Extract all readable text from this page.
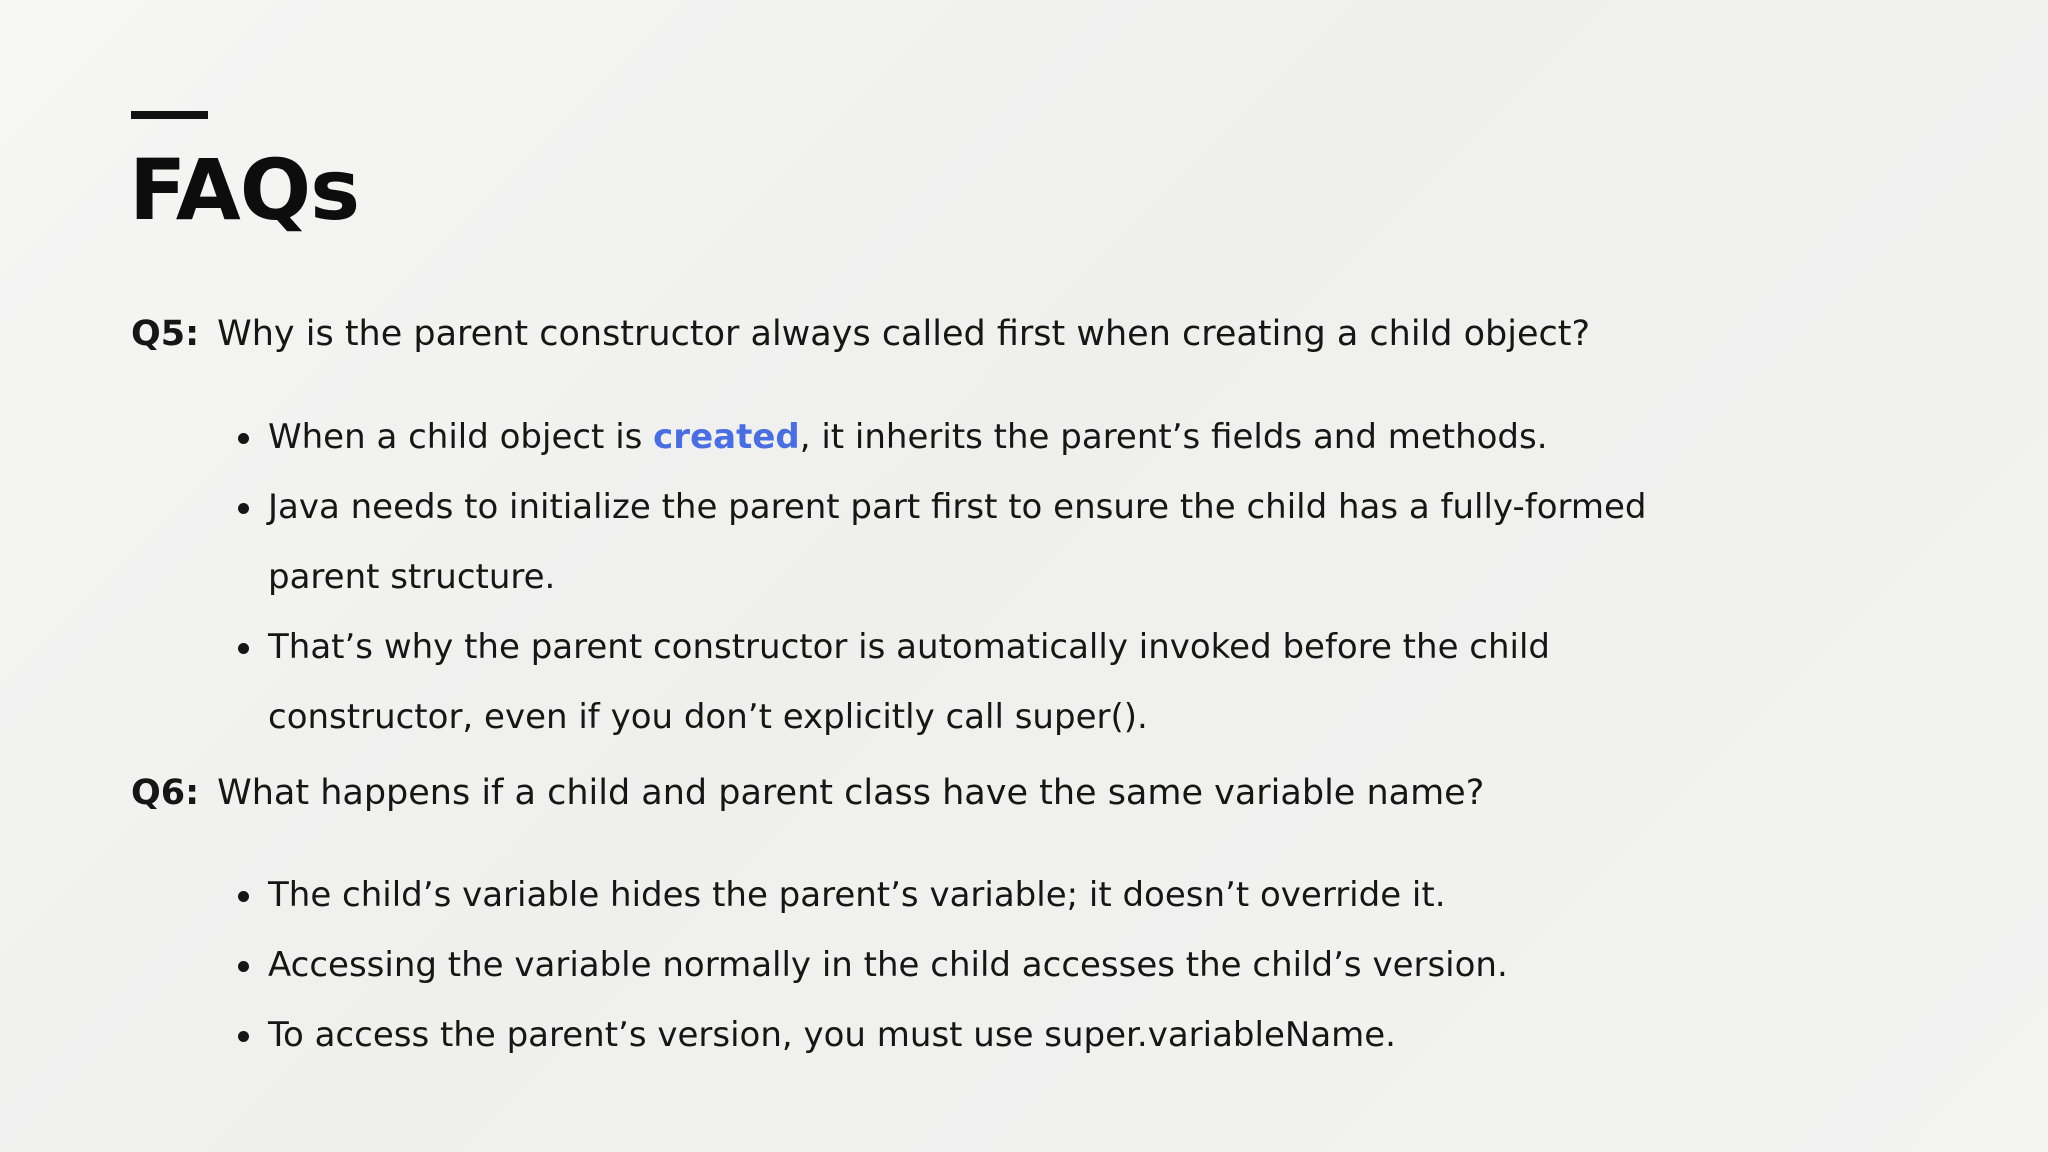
FAQs
Q5: Why is the parent constructor always called first when creating a child object?
When a child object is created, it inherits the parent’s fields and methods.
Java needs to initialize the parent part first to ensure the child has a fully-formed parent structure.
That’s why the parent constructor is automatically invoked before the child constructor, even if you don’t explicitly call super().
Q6: What happens if a child and parent class have the same variable name?
The child’s variable hides the parent’s variable; it doesn’t override it.
Accessing the variable normally in the child accesses the child’s version.
To access the parent’s version, you must use super.variableName.
